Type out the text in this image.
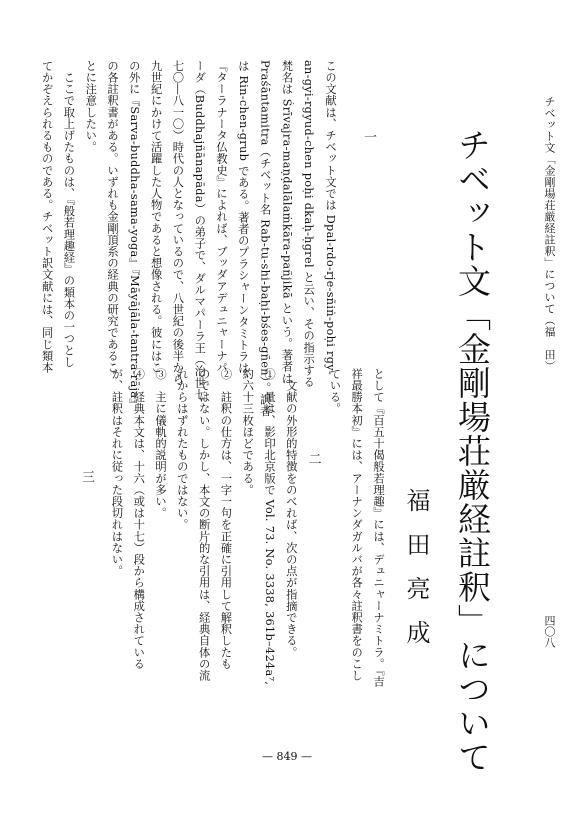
チベット文「金剛場荘厳経註釈」について（福　田）
四〇八
チベット文「金剛場荘厳経註釈」について
福田亮成
一
この文献は、チベット文では Dpal-rdo-rje-sñiṅ-poḥi rgy-
an-gyi-rgyud-chen poḥi dkaḥ-ḥgrel と云い、その指示する
梵名は Śrīvajra-maṇḍalālaṁkāra-pañjikā という。著者は
Praśāntamitra（チベット名 Rab-tu-shi-baḥi-bśes-gñen）。訳者
は Rin-chen-grub である。著者のプラシャーンタミトラは、
『ターラナータ仏教史』によれば、ブッダアデュニャーナパ
ーダ（Buddhajñānapāda）の弟子で、ダルマパーラ王（治世七
七〇―八一〇）時代の人となっているので、八世紀の後半から
九世紀にかけて活躍した人物であると想像される。彼にはこ
の外に『Sarva-buddha-sama-yoga』『Māyājāla-tantra-rāja』
の各註釈書がある。いずれも金剛頂系の経典の研究であるこ
とに注意したい。
　ここで取上げたものは、『般若理趣経』の類本の一つとし
てかぞえられるものである。チベット訳文献には、同じ類本
として『百五十偈般若理趣』には、デュニャーナミトラ。『吉
祥最勝本初』には、アーナンダガルバが各々註釈書をのこし
ている。
二
　文献の外形的特徴をのべれば、次の点が指摘できる。
①　量は、影印北京版で Vol. 73. No. 3338, 361b–424a⁷,
約六十三枚ほどである。
②　註釈の仕方は、一字一句を正確に引用して解釈したも
のではない。しかし、本文の断片的な引用は、経典自体の流
れからはずれたものではない。
③　主に儀軌的説明が多い。
④　経典本文は、十六（或は十七）段から構成されている
が、註釈はそれに従った段切れはない。
三
— 849 —
